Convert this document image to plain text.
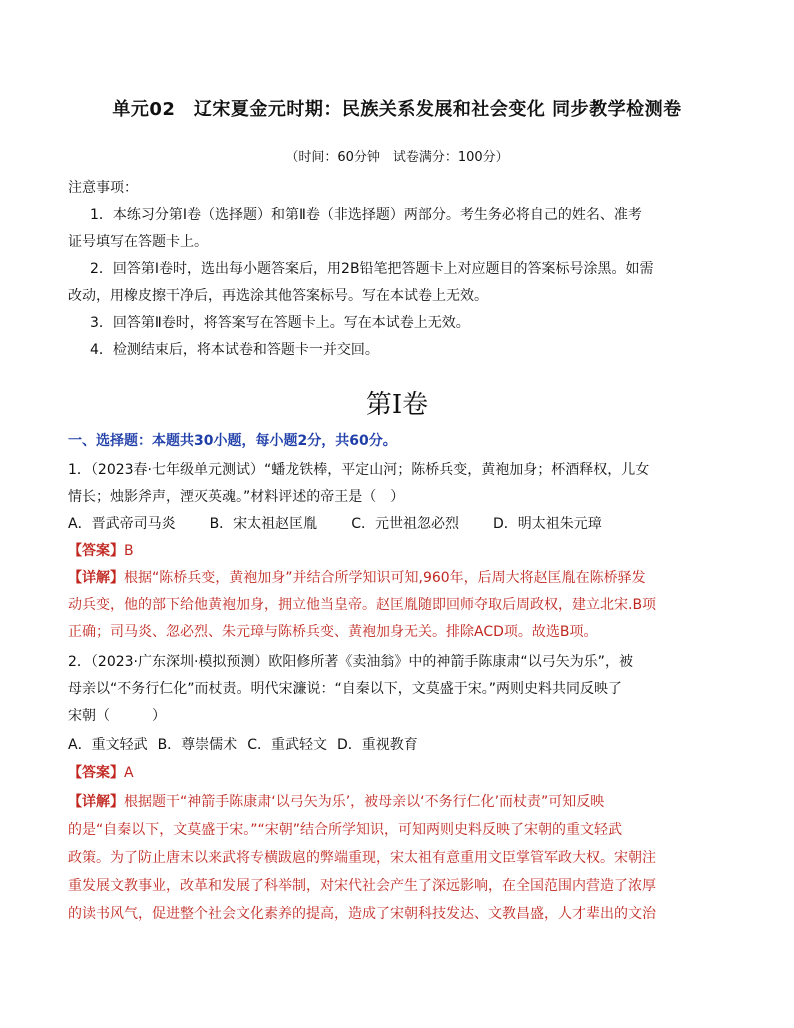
单元02　辽宋夏金元时期：民族关系发展和社会变化 同步教学检测卷
（时间：60分钟　试卷满分：100分）
注意事项：
1．本练习分第Ⅰ卷（选择题）和第Ⅱ卷（非选择题）两部分。考生务必将自己的姓名、准考
证号填写在答题卡上。
2．回答第Ⅰ卷时，选出每小题答案后，用2B铅笔把答题卡上对应题目的答案标号涂黑。如需
改动，用橡皮擦干净后，再选涂其他答案标号。写在本试卷上无效。
3．回答第Ⅱ卷时，将答案写在答题卡上。写在本试卷上无效。
4．检测结束后，将本试卷和答题卡一并交回。
第Ⅰ卷
一、选择题：本题共30小题，每小题2分，共60分。
1．（2023春·七年级单元测试）“蟠龙铁棒，平定山河；陈桥兵变，黄袍加身；杯酒释权，儿女
情长；烛影斧声，湮灭英魂。”材料评述的帝王是（　）
A．晋武帝司马炎 B．宋太祖赵匡胤 C．元世祖忽必烈 D．明太祖朱元璋
【答案】B
【详解】根据“陈桥兵变，黄袍加身”并结合所学知识可知,960年，后周大将赵匡胤在陈桥驿发
动兵变，他的部下给他黄袍加身，拥立他当皇帝。赵匡胤随即回师夺取后周政权，建立北宋.B项
正确；司马炎、忽必烈、朱元璋与陈桥兵变、黄袍加身无关。排除ACD项。故选B项。
2．（2023·广东深圳·模拟预测）欧阳修所著《卖油翁》中的神箭手陈康肃“以弓矢为乐”，被
母亲以“不务行仁化”而杖责。明代宋濂说：“自秦以下，文莫盛于宋。”两则史料共同反映了
宋朝（　　　）
A．重文轻武 B．尊崇儒术 C．重武轻文 D．重视教育
【答案】A
【详解】根据题干“神箭手陈康肃‘以弓矢为乐’，被母亲以‘不务行仁化’而杖责”可知反映
的是“自秦以下，文莫盛于宋。”“宋朝”结合所学知识，可知两则史料反映了宋朝的重文轻武
政策。为了防止唐末以来武将专横跋扈的弊端重现，宋太祖有意重用文臣掌管军政大权。宋朝注
重发展文教事业，改革和发展了科举制，对宋代社会产生了深远影响，在全国范围内营造了浓厚
的读书风气，促进整个社会文化素养的提高，造成了宋朝科技发达、文教昌盛，人才辈出的文治
